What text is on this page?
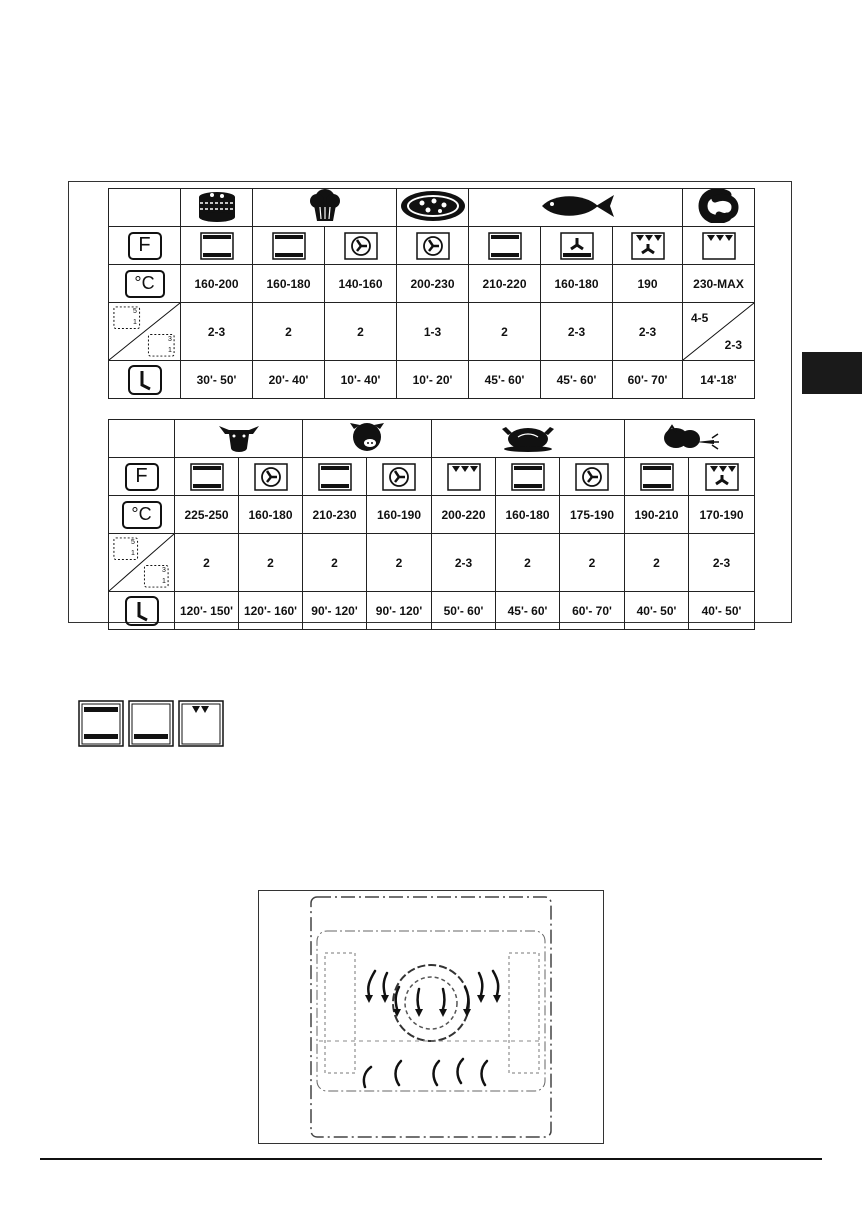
F								
°C	160-200	160-180	140-160	200-230	210-220	160-180	190	230-MAX

5
1
3
1	2-3	2	2	1-3	2	2-3	2-3	4-5
2-3

	30'- 50'	20'- 40'	10'- 40'	10'- 20'	45'- 60'	45'- 60'	60'- 70'	14'-18'

F									
°C	225-250	160-180	210-230	160-190	200-220	160-180	175-190	190-210	170-190

5
1
3
1	2	2	2	2	2-3	2	2	2	2-3
	120'- 150'	120'- 160'	90'- 120'	90'- 120'	50'- 60'	45'- 60'	60'- 70'	40'- 50'	40'- 50'
